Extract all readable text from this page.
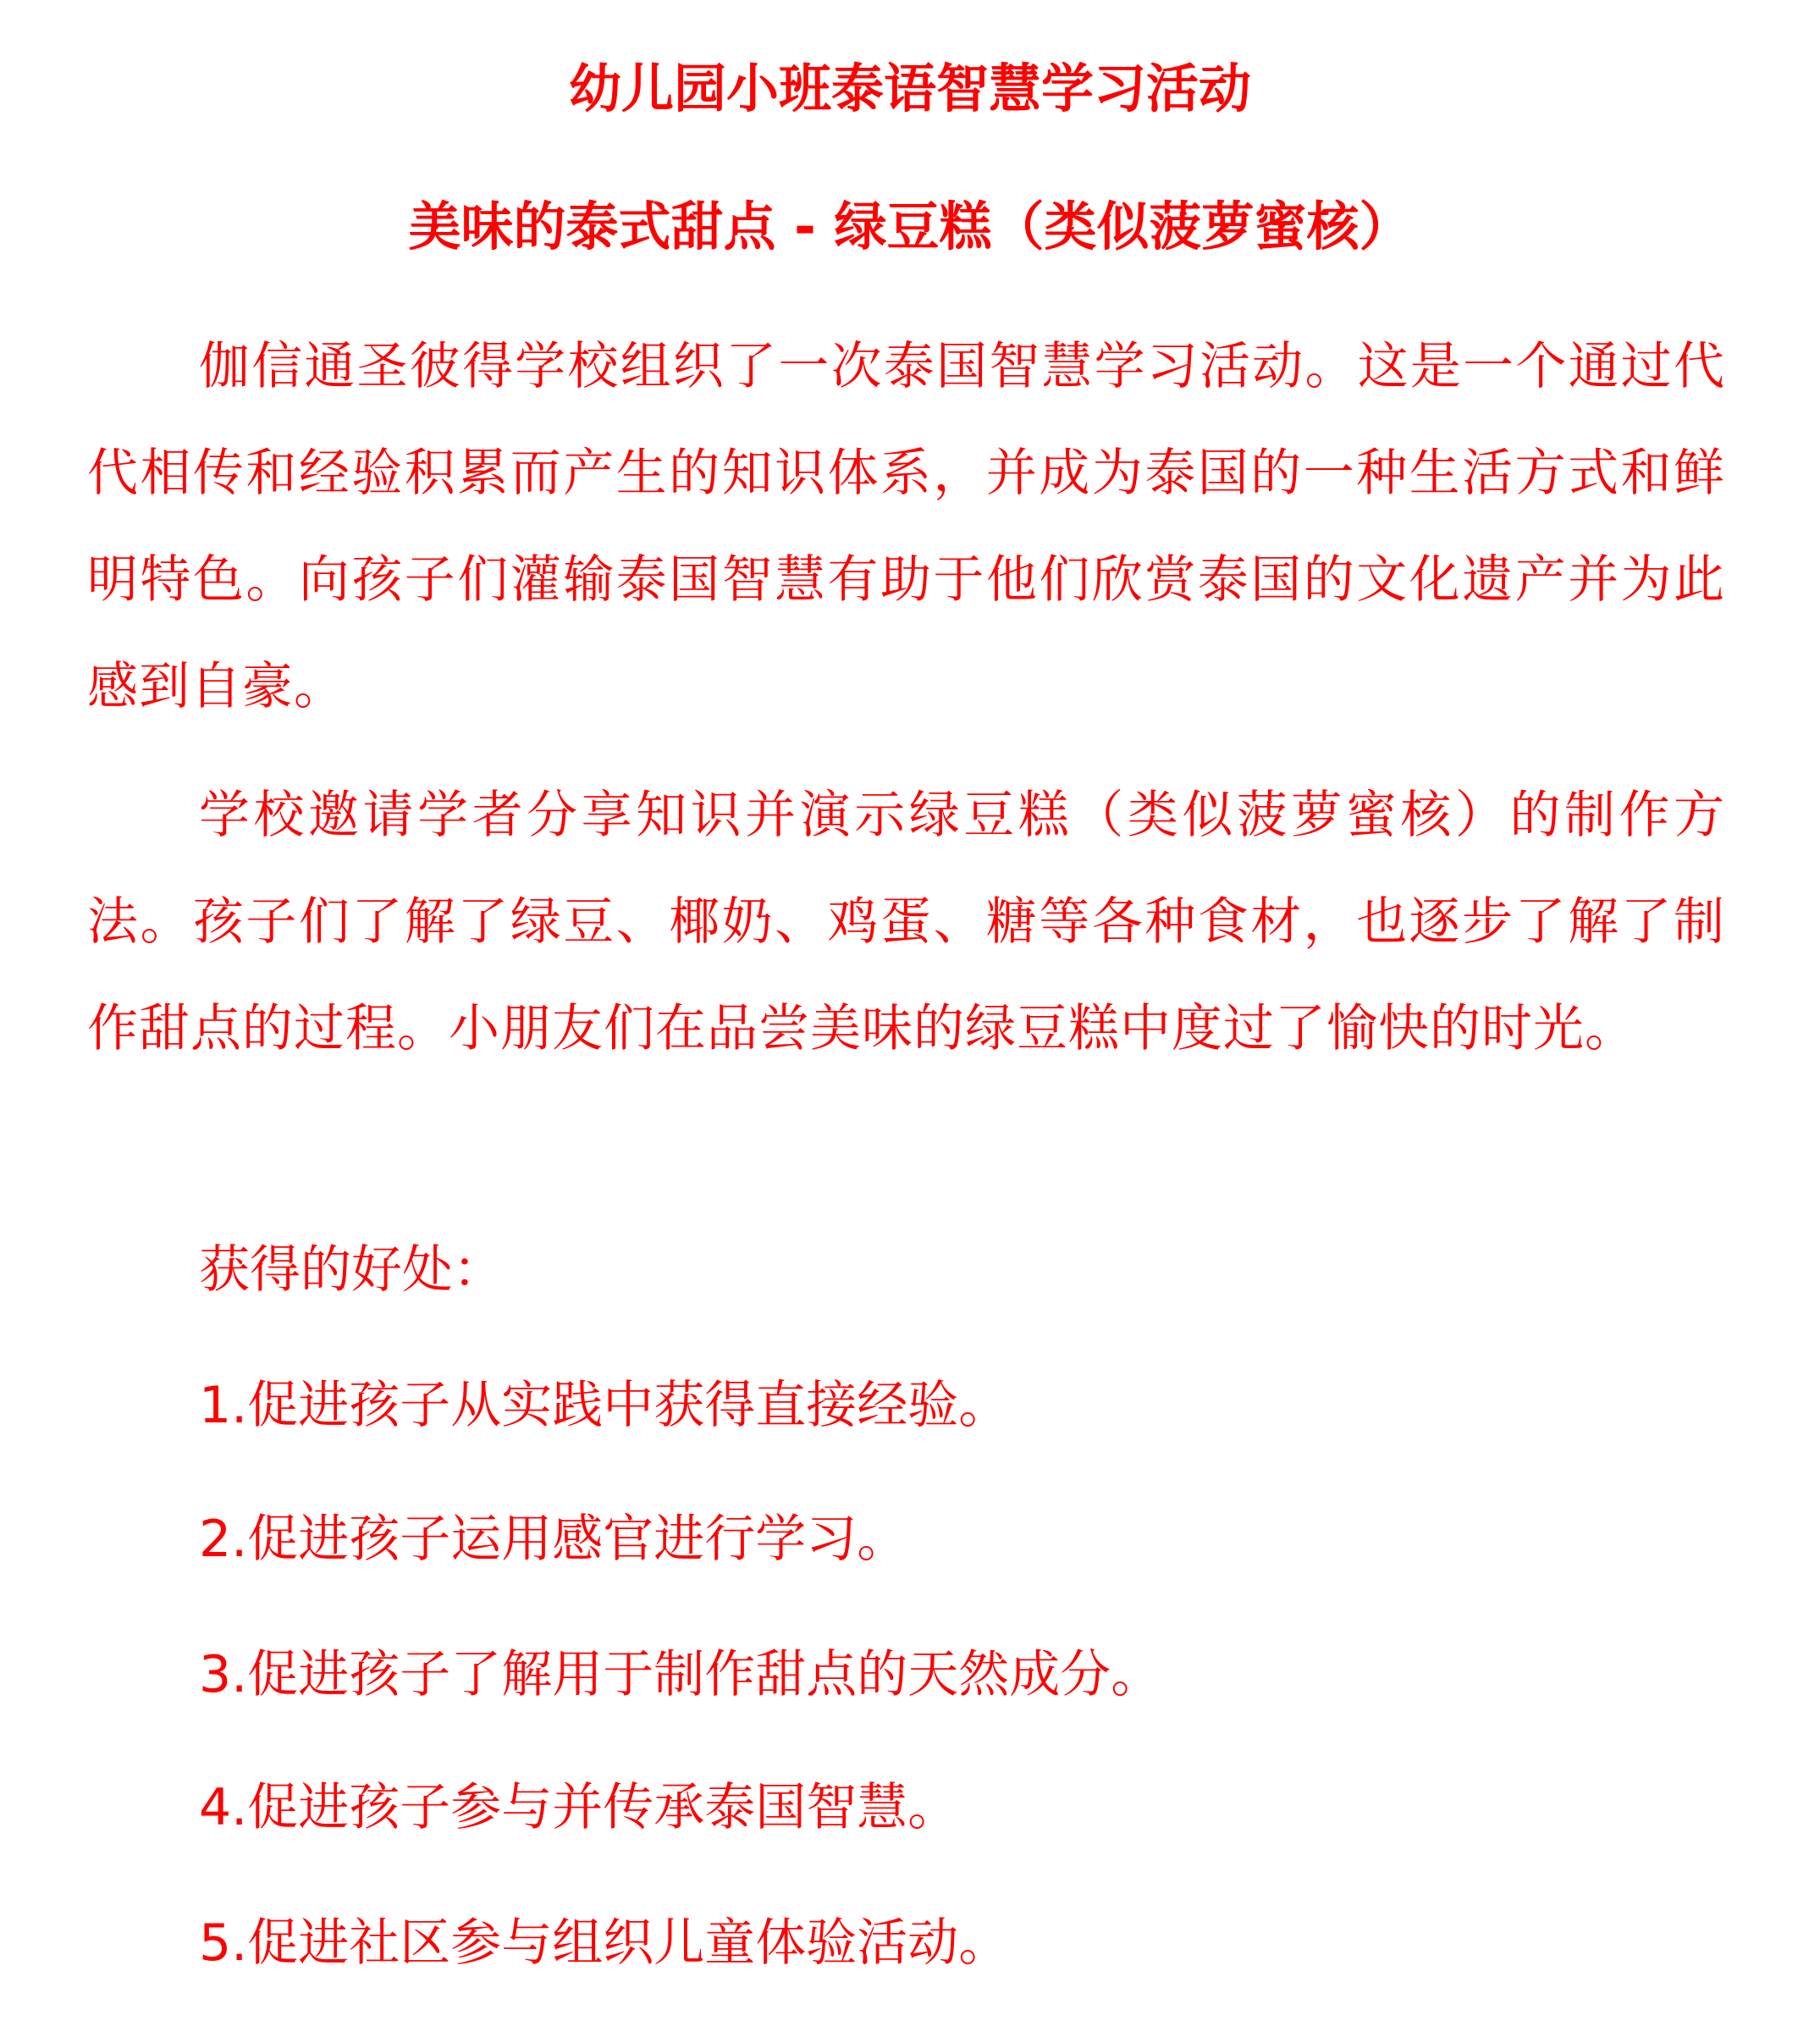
幼儿园小班泰语智慧学习活动
美味的泰式甜点 - 绿豆糕（类似菠萝蜜核）

伽信通圣彼得学校组织了一次泰国智慧学习活动。这是一个通过代代相传和经验积累而产生的知识体系，并成为泰国的一种生活方式和鲜明特色。向孩子们灌输泰国智慧有助于他们欣赏泰国的文化遗产并为此感到自豪。

学校邀请学者分享知识并演示绿豆糕（类似菠萝蜜核）的制作方法。孩子们了解了绿豆、椰奶、鸡蛋、糖等各种食材，也逐步了解了制作甜点的过程。小朋友们在品尝美味的绿豆糕中度过了愉快的时光。

获得的好处：
1.促进孩子从实践中获得直接经验。
2.促进孩子运用感官进行学习。
3.促进孩子了解用于制作甜点的天然成分。
4.促进孩子参与并传承泰国智慧。
5.促进社区参与组织儿童体验活动。
